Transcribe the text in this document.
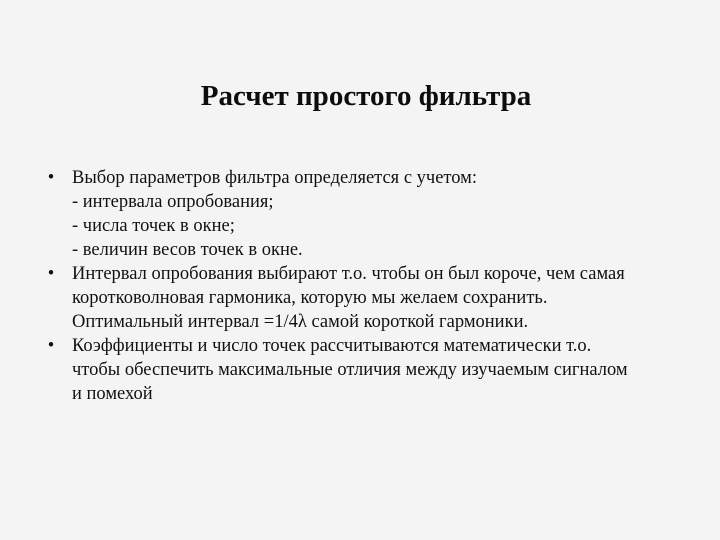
Расчет простого фильтра
• Выбор параметров фильтра определяется с учетом:
- интервала опробования;
- числа точек в окне;
- величин весов точек в окне.
• Интервал опробования выбирают т.о. чтобы он был короче, чем самая
коротковолновая гармоника, которую мы желаем сохранить.
Оптимальный интервал =1/4λ самой короткой гармоники.
• Коэффициенты и число точек рассчитываются математически т.о.
чтобы обеспечить максимальные отличия между изучаемым сигналом
и помехой
